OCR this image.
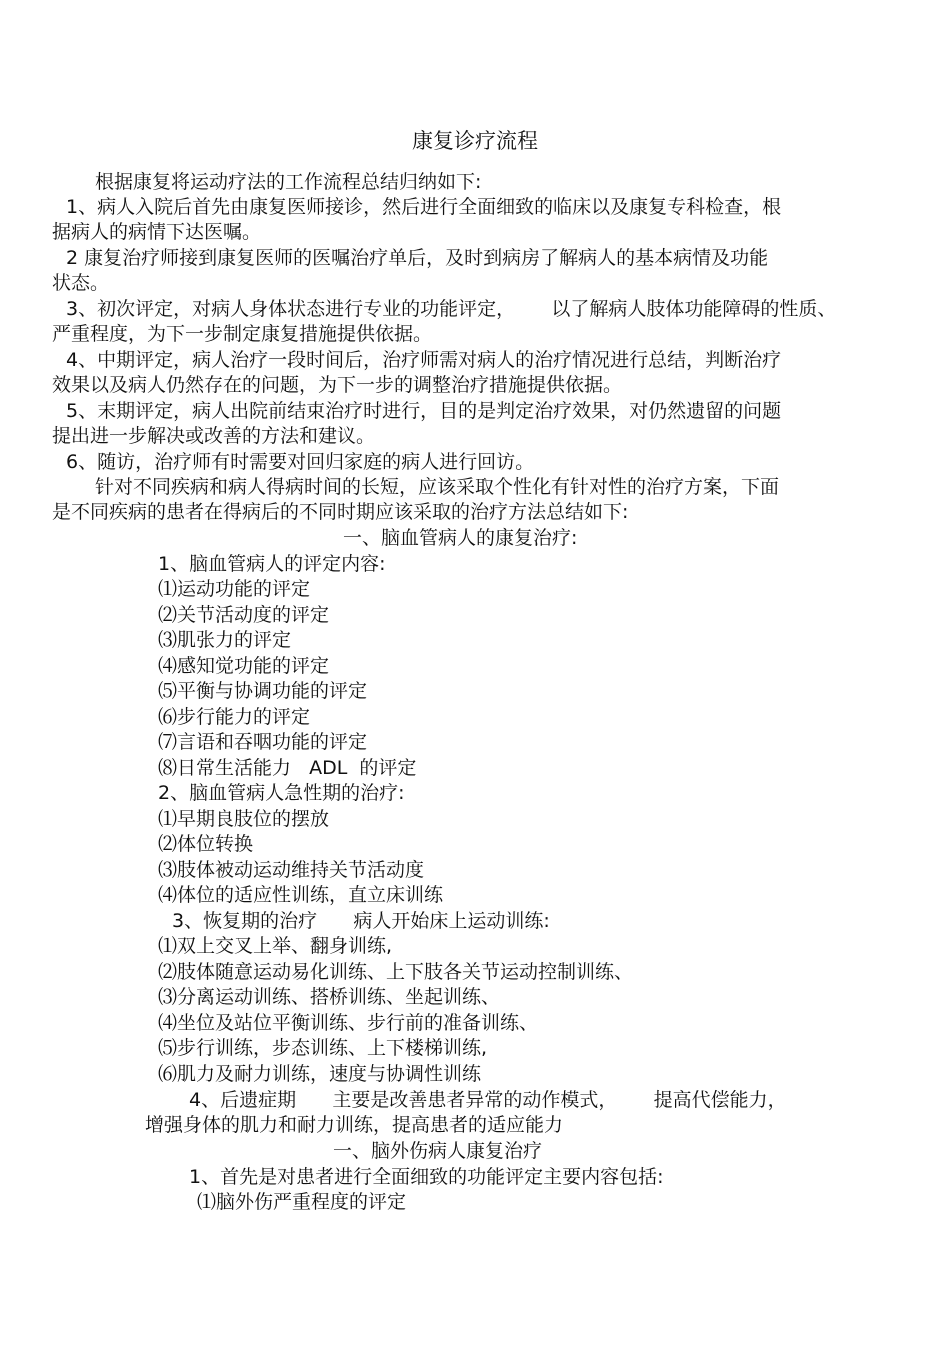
康复诊疗流程
根据康复将运动疗法的工作流程总结归纳如下:
1、病人入院后首先由康复医师接诊，然后进行全面细致的临床以及康复专科检查，根
据病人的病情下达医嘱。
2 康复治疗师接到康复医师的医嘱治疗单后，及时到病房了解病人的基本病情及功能
状态。
3、初次评定，对病人身体状态进行专业的功能评定，      以了解病人肢体功能障碍的性质、
严重程度，为下一步制定康复措施提供依据。
4、中期评定，病人治疗一段时间后，治疗师需对病人的治疗情况进行总结，判断治疗
效果以及病人仍然存在的问题，为下一步的调整治疗措施提供依据。
5、末期评定，病人出院前结束治疗时进行，目的是判定治疗效果，对仍然遗留的问题
提出进一步解决或改善的方法和建议。
6、随访，治疗师有时需要对回归家庭的病人进行回访。
针对不同疾病和病人得病时间的长短，应该采取个性化有针对性的治疗方案，下面
是不同疾病的患者在得病后的不同时期应该采取的治疗方法总结如下:
一、脑血管病人的康复治疗:
1、脑血管病人的评定内容:
⑴运动功能的评定
⑵关节活动度的评定
⑶肌张力的评定
⑷感知觉功能的评定
⑸平衡与协调功能的评定
⑹步行能力的评定
⑺言语和吞咽功能的评定
⑻日常生活能力   ADL  的评定
2、脑血管病人急性期的治疗:
⑴早期良肢位的摆放
⑵体位转换
⑶肢体被动运动维持关节活动度
⑷体位的适应性训练，直立床训练
3、恢复期的治疗      病人开始床上运动训练:
⑴双上交叉上举、翻身训练,
⑵肢体随意运动易化训练、上下肢各关节运动控制训练、
⑶分离运动训练、搭桥训练、坐起训练、
⑷坐位及站位平衡训练、步行前的准备训练、
⑸步行训练，步态训练、上下楼梯训练,
⑹肌力及耐力训练，速度与协调性训练
4、后遗症期      主要是改善患者异常的动作模式，      提高代偿能力，
增强身体的肌力和耐力训练，提高患者的适应能力
一、脑外伤病人康复治疗
1、首先是对患者进行全面细致的功能评定主要内容包括:
⑴脑外伤严重程度的评定
